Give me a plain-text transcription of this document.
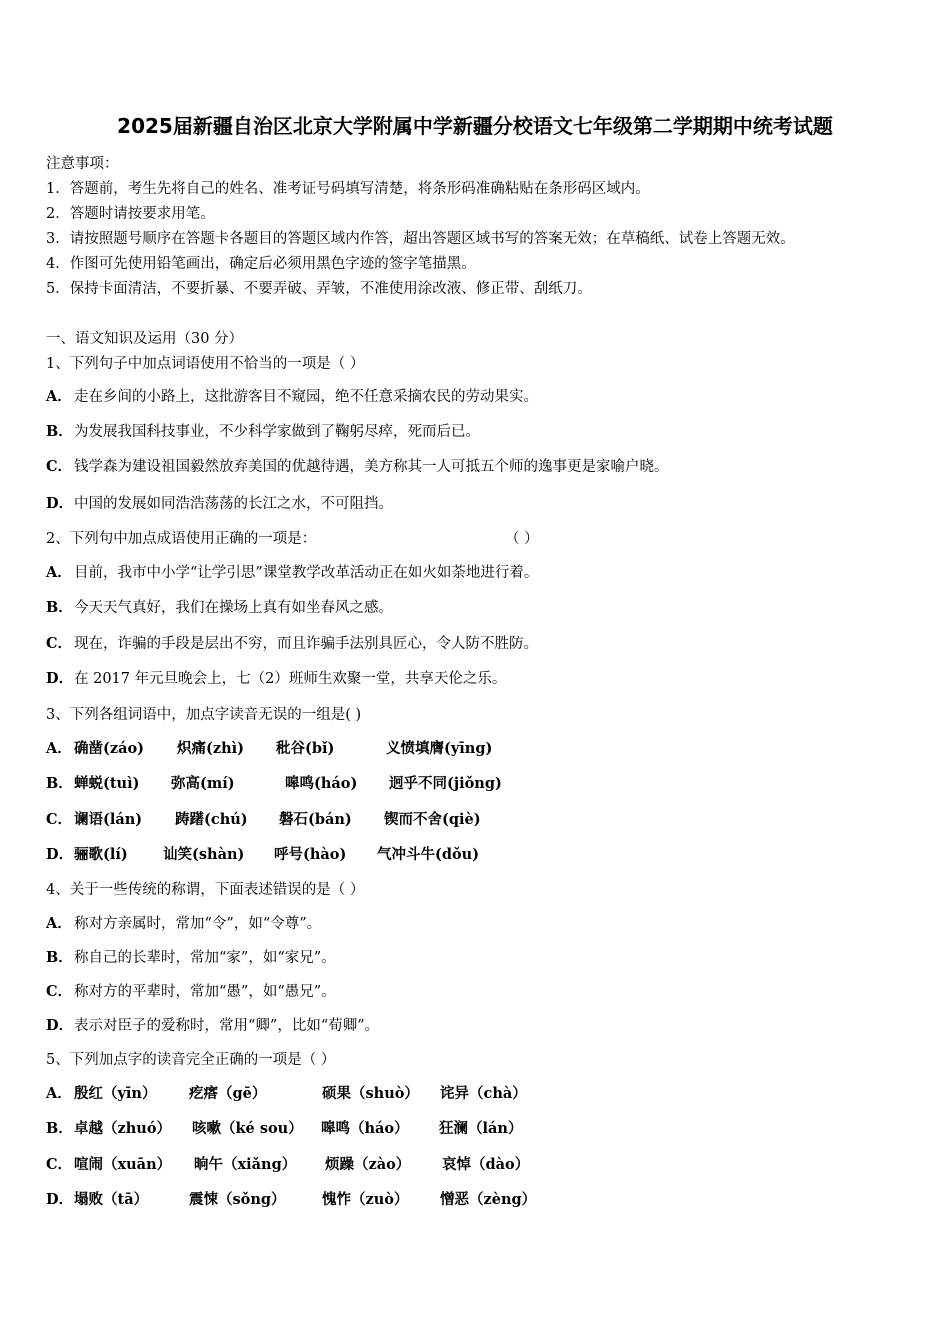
2025届新疆自治区北京大学附属中学新疆分校语文七年级第二学期期中统考试题
注意事项：
1．答题前，考生先将自己的姓名、准考证号码填写清楚，将条形码准确粘贴在条形码区域内。
2．答题时请按要求用笔。
3．请按照题号顺序在答题卡各题目的答题区域内作答，超出答题区域书写的答案无效；在草稿纸、试卷上答题无效。
4．作图可先使用铅笔画出，确定后必须用黑色字迹的签字笔描黑。
5．保持卡面清洁，不要折暴、不要弄破、弄皱，不准使用涂改液、修正带、刮纸刀。
一、语文知识及运用（30 分）
1、下列句子中加点词语使用不恰当的一项是（ ）
A． 走在乡间的小路上，这批游客目不窥园，绝不任意采摘农民的劳动果实。
B．为发展我国科技事业，不少科学家做到了鞠躬尽瘁，死而后已。
C． 钱学森为建设祖国毅然放弃美国的优越待遇，美方称其一人可抵五个师的逸事更是家喻户晓。
D．中国的发展如同浩浩荡荡的长江之水，不可阻挡。
2、下列句中加点成语使用正确的一项是：	（ ）
A． 目前，我市中小学“让学引思”课堂教学改革活动正在如火如荼地进行着。
B．今天天气真好，我们在操场上真有如坐春风之感。
C． 现在，诈骗的手段是层出不穷，而且诈骗手法别具匠心，令人防不胜防。
D．在 2017 年元旦晚会上，七（2）班师生欢聚一堂，共享天伦之乐。
3、下列各组词语中，加点字读音无误的一组是( )
A． 确凿(záo) 炽痛(zhì) 秕谷(bǐ)	义愤填膺(yīng)
B． 蝉蜕(tuì) 弥高(mí)	嗥鸣(háo) 迥乎不同(jiǒng)
C． 谰语(lán) 踌躇(chú) 磐石(bán) 锲而不舍(qiè)
D． 骊歌(lí) 讪笑(shàn) 呼号(hào) 气冲斗牛(dǒu)
4、关于一些传统的称谓，下面表述错误的是（ ）
A． 称对方亲属时，常加“令”，如“令尊”。
B．称自己的长辈时，常加“家”，如“家兄”。
C． 称对方的平辈时，常加“愚”，如“愚兄”。
D．表示对臣子的爱称时，常用“卿”，比如“荀卿”。
5、下列加点字的读音完全正确的一项是（ ）
A． 殷红（yīn） 疙瘩（gē）	硕果（shuò） 诧异（chà）
B． 卓越（zhuó） 咳嗽（ké sou） 嗥鸣（háo） 狂澜（lán）
C． 喧闹（xuān） 晌午（xiǎng） 烦躁（zào） 哀悼（dào）
D． 塌败（tā）	震悚（sǒng）	愧怍（zuò） 憎恶（zèng）
